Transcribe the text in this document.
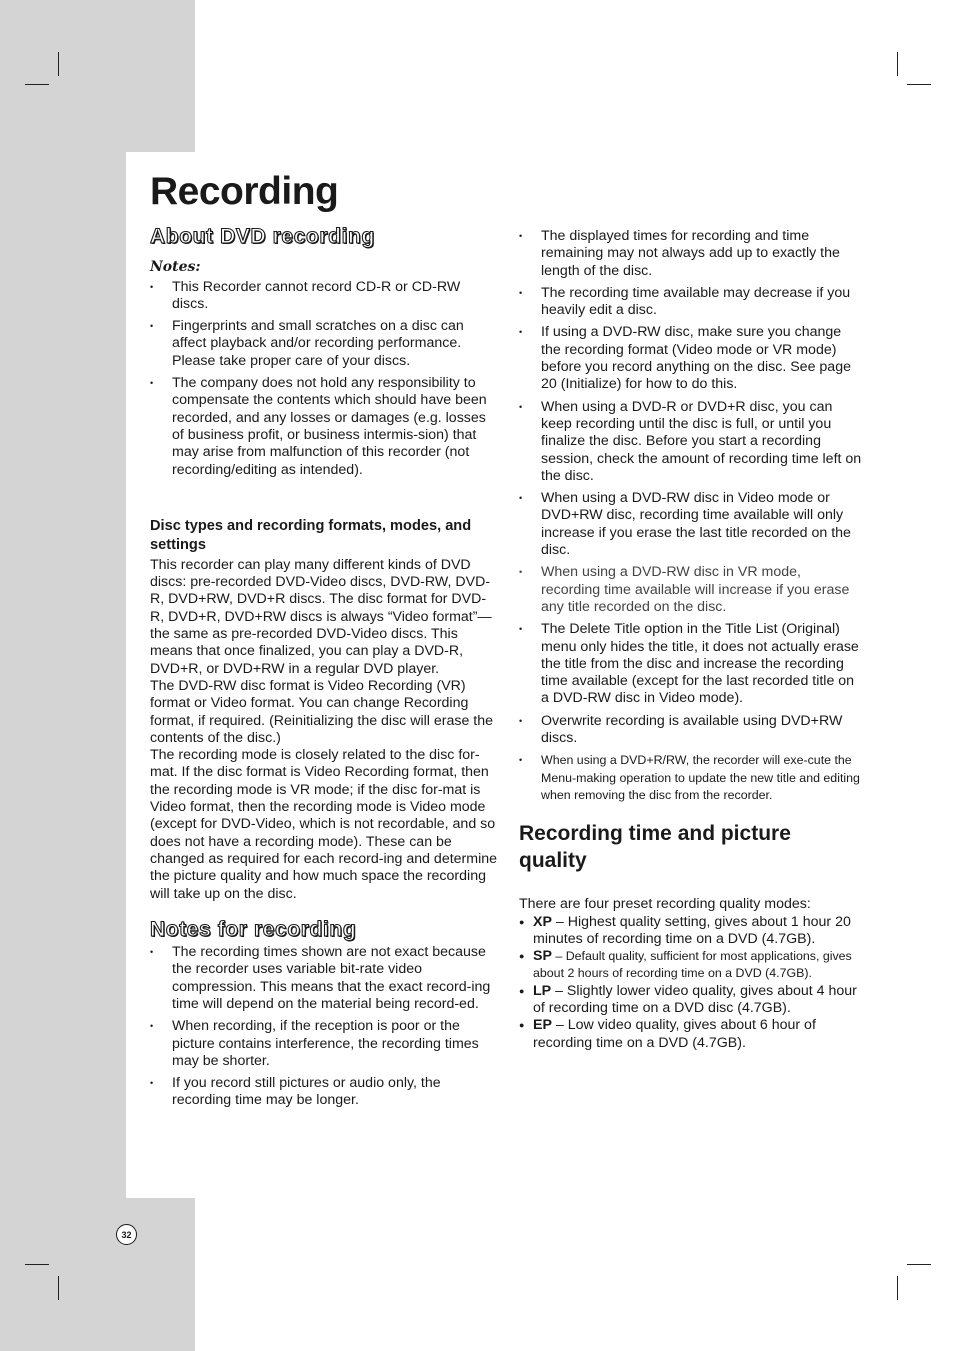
Recording
About DVD recording
Notes:
• This Recorder cannot record CD-R or CD-RW discs.
• Fingerprints and small scratches on a disc can affect playback and/or recording performance. Please take proper care of your discs.
• The company does not hold any responsibility to compensate the contents which should have been recorded, and any losses or damages (e.g. losses of business profit, or business intermis-sion) that may arise from malfunction of this recorder (not recording/editing as intended).
Disc types and recording formats, modes, and settings

This recorder can play many different kinds of DVD discs: pre-recorded DVD-Video discs, DVD-RW, DVD-R, DVD+RW, DVD+R discs. The disc format for DVD-R, DVD+R, DVD+RW discs is always “Video format”—the same as pre-recorded DVD-Video discs. This means that once finalized, you can play a DVD-R, DVD+R, or DVD+RW in a regular DVD player.

The DVD-RW disc format is Video Recording (VR) format or Video format. You can change Recording format, if required. (Reinitializing the disc will erase the contents of the disc.)

The recording mode is closely related to the disc for-mat. If the disc format is Video Recording format, then the recording mode is VR mode; if the disc for-mat is Video format, then the recording mode is Video mode (except for DVD-Video, which is not recordable, and so does not have a recording mode). These can be changed as required for each record-ing and determine the picture quality and how much space the recording will take up on the disc.

Notes for recording
• The recording times shown are not exact because the recorder uses variable bit-rate video compression. This means that the exact record-ing time will depend on the material being record-ed.
• When recording, if the reception is poor or the picture contains interference, the recording times may be shorter.
• If you record still pictures or audio only, the recording time may be longer.
• The displayed times for recording and time remaining may not always add up to exactly the length of the disc.
• The recording time available may decrease if you heavily edit a disc.
• If using a DVD-RW disc, make sure you change the recording format (Video mode or VR mode) before you record anything on the disc. See page 20 (Initialize) for how to do this.
• When using a DVD-R or DVD+R disc, you can keep recording until the disc is full, or until you finalize the disc. Before you start a recording session, check the amount of recording time left on the disc.
• When using a DVD-RW disc in Video mode or DVD+RW disc, recording time available will only increase if you erase the last title recorded on the disc.
• When using a DVD-RW disc in VR mode, recording time available will increase if you erase any title recorded on the disc.
• The Delete Title option in the Title List (Original) menu only hides the title, it does not actually erase the title from the disc and increase the recording time available (except for the last recorded title on a DVD-RW disc in Video mode).
• Overwrite recording is available using DVD+RW discs.
• When using a DVD+R/RW, the recorder will exe-cute the Menu-making operation to update the new title and editing when removing the disc from the recorder.
Recording time and picture quality

There are four preset recording quality modes:

● XP – Highest quality setting, gives about 1 hour 20 minutes of recording time on a DVD (4.7GB).
● SP – Default quality, sufficient for most applications, gives about 2 hours of recording time on a DVD (4.7GB).
● LP – Slightly lower video quality, gives about 4 hour of recording time on a DVD disc (4.7GB).
● EP – Low video quality, gives about 6 hour of recording time on a DVD (4.7GB).
32
